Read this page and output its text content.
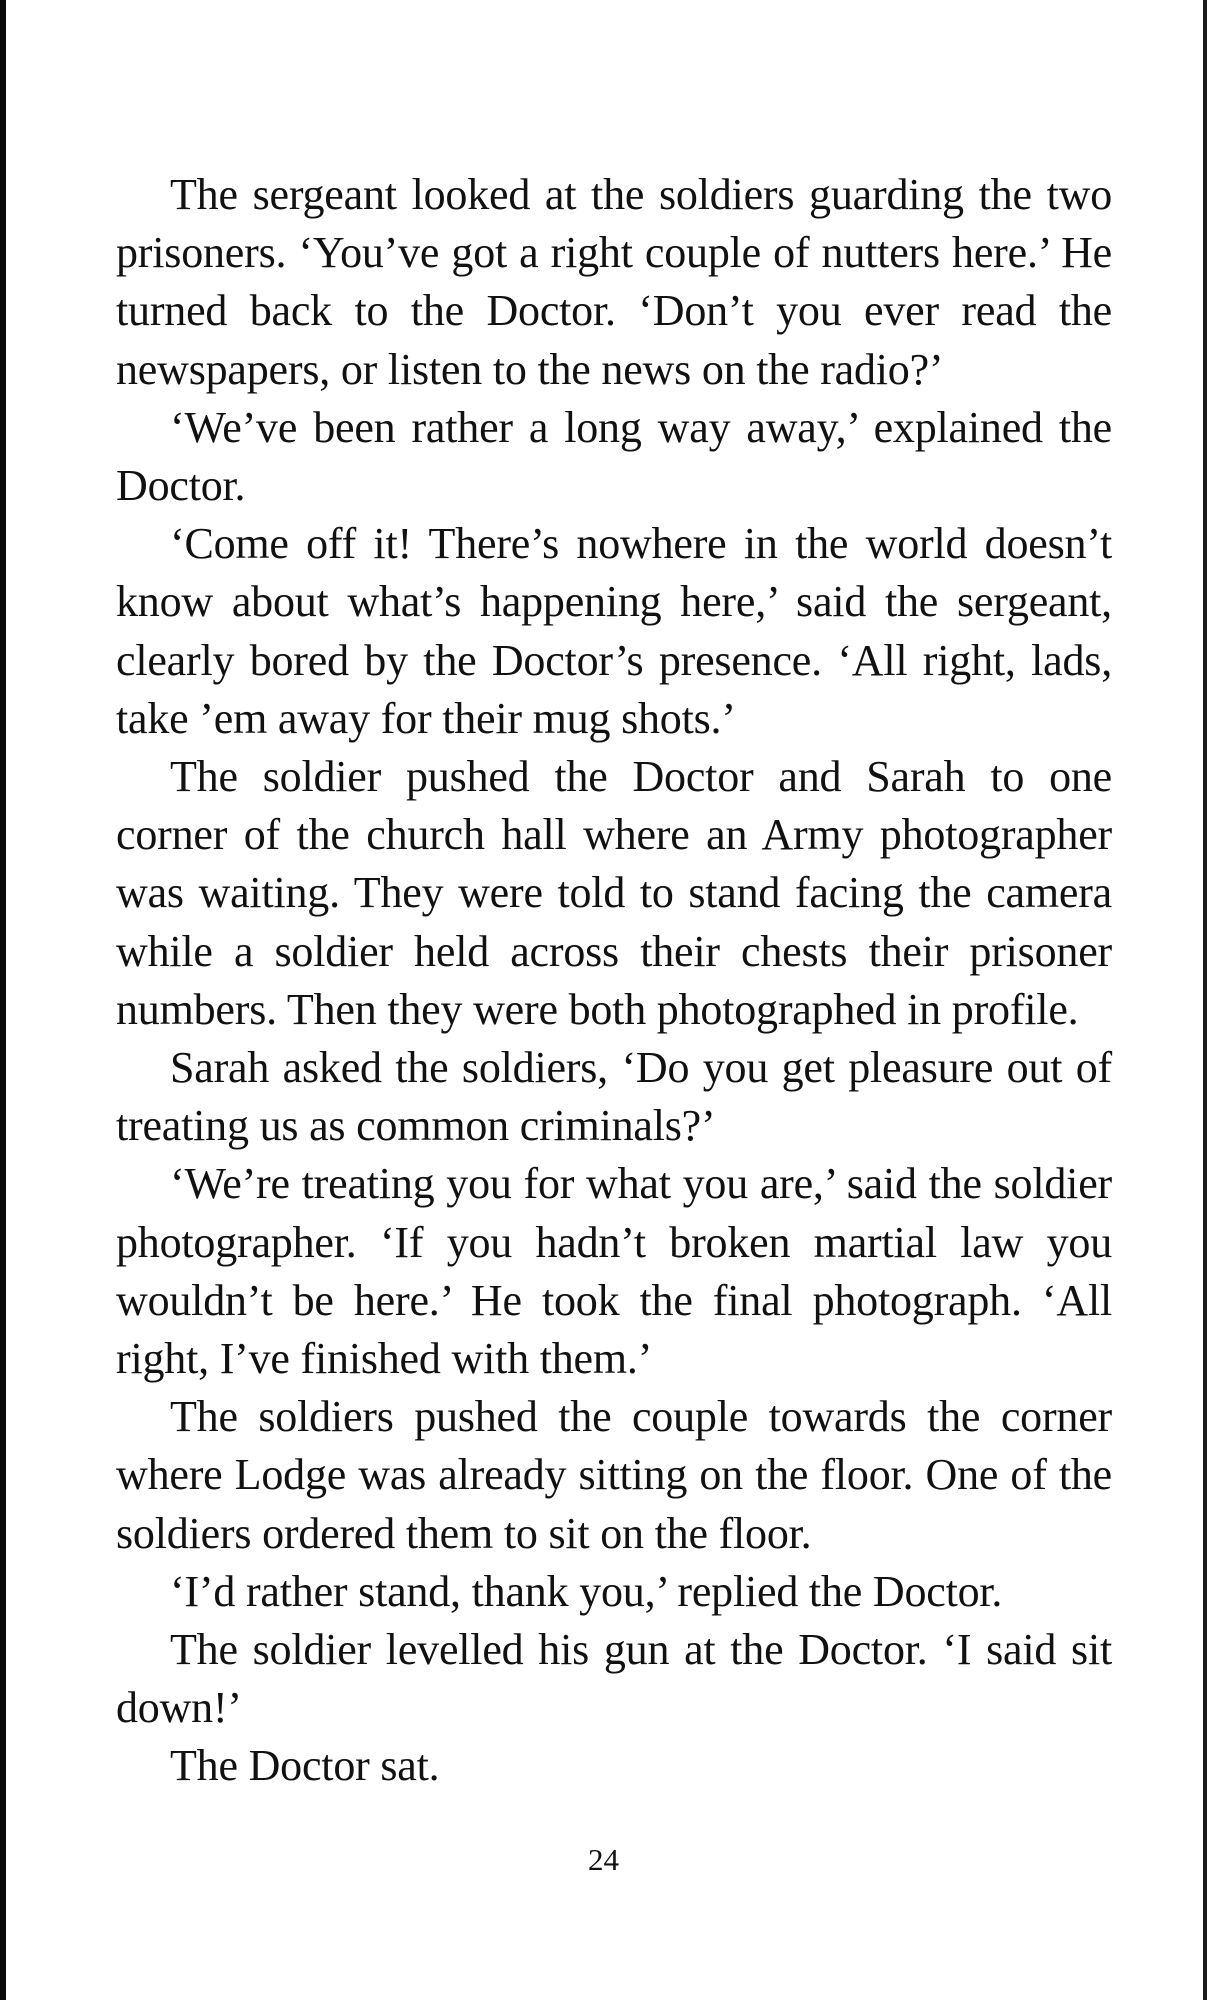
The sergeant looked at the soldiers guarding the two prisoners. ‘You’ve got a right couple of nutters here.’ He turned back to the Doctor. ‘Don’t you ever read the newspapers, or listen to the news on the radio?’

‘We’ve been rather a long way away,’ explained the Doctor.

‘Come off it! There’s nowhere in the world doesn’t know about what’s happening here,’ said the sergeant, clearly bored by the Doctor’s presence. ‘All right, lads, take ’em away for their mug shots.’

The soldier pushed the Doctor and Sarah to one corner of the church hall where an Army photographer was waiting. They were told to stand facing the camera while a soldier held across their chests their prisoner numbers. Then they were both photographed in profile.

Sarah asked the soldiers, ‘Do you get pleasure out of treating us as common criminals?’

‘We’re treating you for what you are,’ said the soldier photographer. ‘If you hadn’t broken martial law you wouldn’t be here.’ He took the final photograph. ‘All right, I’ve finished with them.’

The soldiers pushed the couple towards the corner where Lodge was already sitting on the floor. One of the soldiers ordered them to sit on the floor.

‘I’d rather stand, thank you,’ replied the Doctor.

The soldier levelled his gun at the Doctor. ‘I said sit down!’

The Doctor sat.

24
